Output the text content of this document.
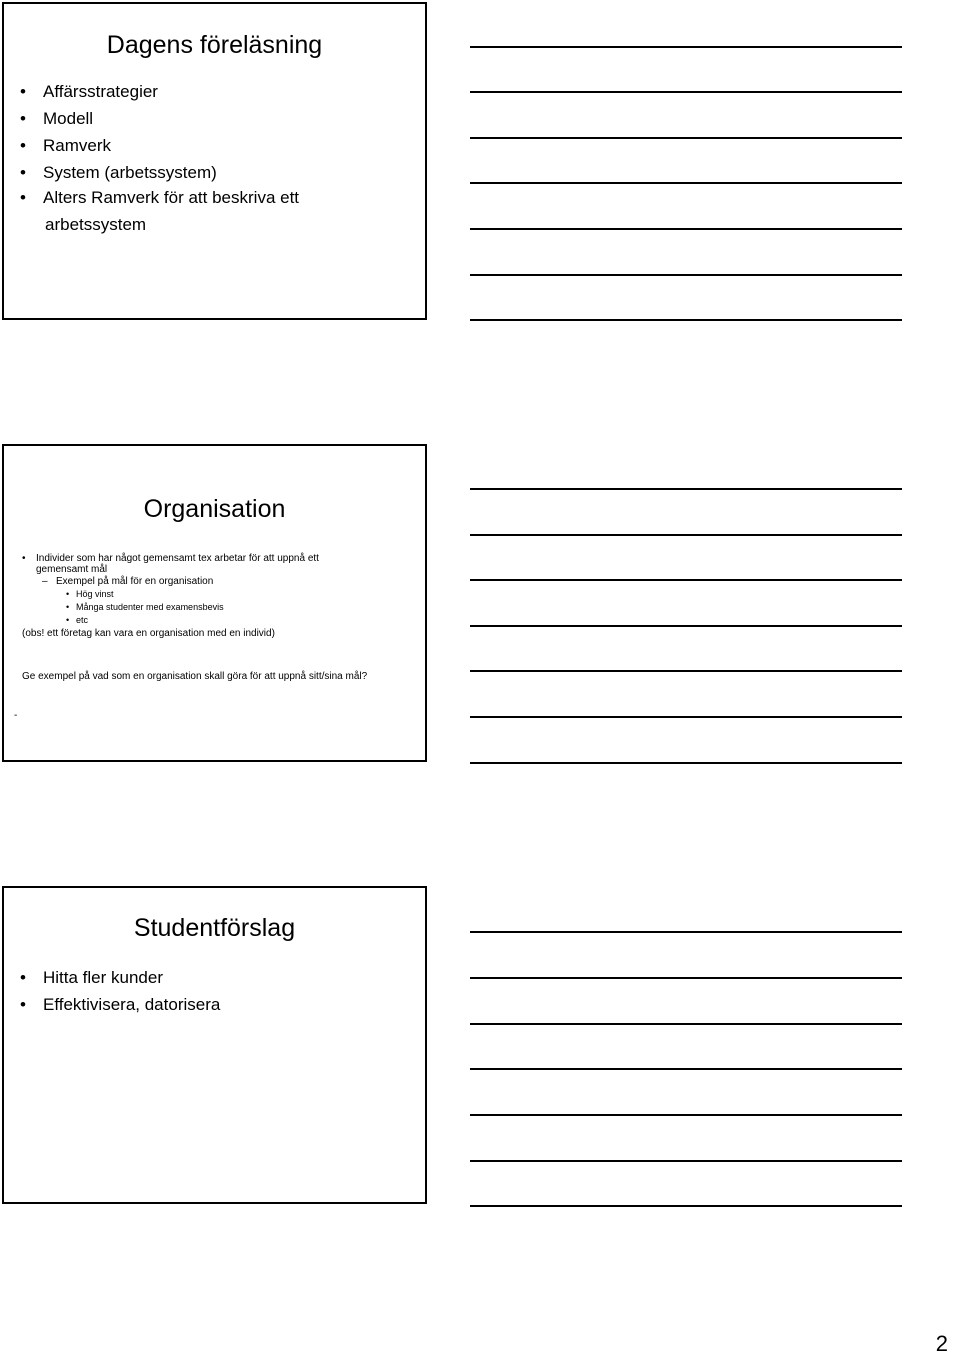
Dagens föreläsning
• Affärsstrategier
• Modell
• Ramverk
• System (arbetssystem)
• Alters Ramverk för att beskriva ett
arbetssystem
Organisation
•	Individer som har något gemensamt tex arbetar för att uppnå ett
gemensamt mål
– Exempel på mål för en organisation
• Hög vinst
• Många studenter med examensbevis
• etc
(obs! ett företag kan vara en organisation med en individ)
Ge exempel på vad som en organisation skall göra för att uppnå sitt/sina mål?
-
Studentförslag
• Hitta fler kunder
• Effektivisera, datorisera
2
